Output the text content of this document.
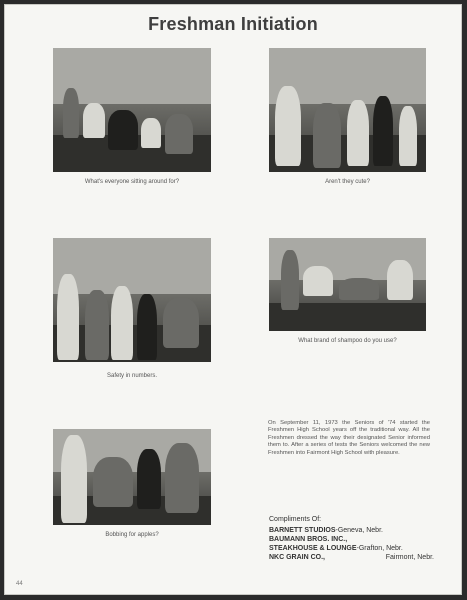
Freshman Initiation
What's everyone sitting around for?	Aren't they cute?
Safety in numbers.
What brand of shampoo do you use?
On September 11, 1973 the Seniors of '74 started the Freshmen High School years off the traditional way. All the Freshmen dressed the way their designated Senior informed them to. After a series of tests the Seniors welcomed the new Freshmen into Fairmont High School with pleasure.
Bobbing for apples?
Compliments Of:
BARNETT STUDIOS-Geneva, Nebr.
BAUMANN BROS. INC.,
STEAKHOUSE & LOUNGE-Grafton, Nebr.
NKC GRAIN CO.,	Fairmont, Nebr.
44
